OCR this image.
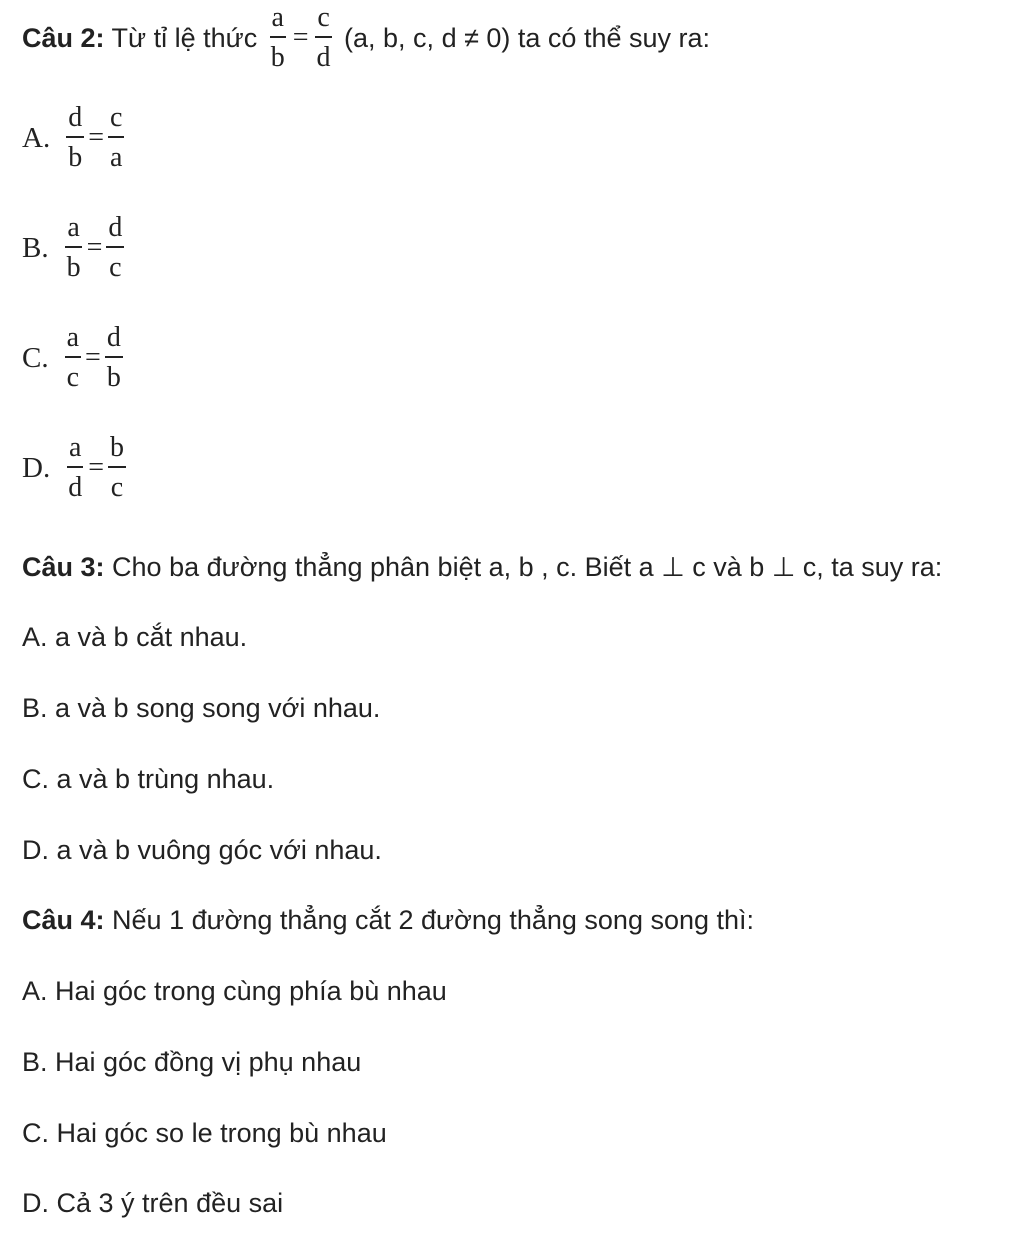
Câu 2: Từ tỉ lệ thức $\frac{a}{b} = \frac{c}{d} (a$, b, c, d ≠ 0) ta có thể suy ra:
A. $\frac{d}{b} = \frac{c}{a}$
B. $\frac{a}{b} = \frac{d}{c}$
C. $\frac{a}{c} = \frac{d}{b}$
D. $\frac{a}{d} = \frac{b}{c}$
Câu 3: Cho ba đường thẳng phân biệt a, b , c. Biết a ⊥ c và b ⊥ c, ta suy ra:
A. a và b cắt nhau.
B. a và b song song với nhau.
C. a và b trùng nhau.
D. a và b vuông góc với nhau.
Câu 4: Nếu 1 đường thẳng cắt 2 đường thẳng song song thì:
A. Hai góc trong cùng phía bù nhau
B. Hai góc đồng vị phụ nhau
C. Hai góc so le trong bù nhau
D. Cả 3 ý trên đều sai
